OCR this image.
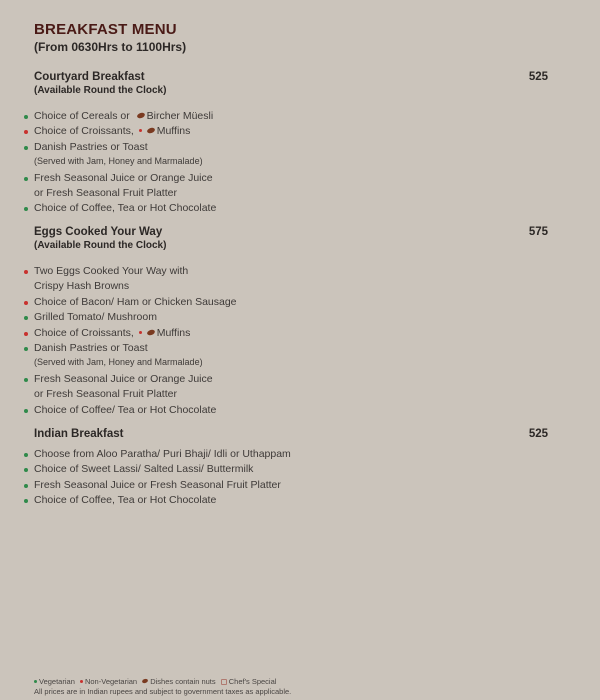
BREAKFAST MENU
(From 0630Hrs to 1100Hrs)
Courtyard Breakfast
(Available Round the Clock)
525
Choice of Cereals or Bircher Müesli
Choice of Croissants, Muffins
Danish Pastries or Toast
(Served with Jam, Honey and Marmalade)
Fresh Seasonal Juice or Orange Juice
or Fresh Seasonal Fruit Platter
Choice of Coffee, Tea or Hot Chocolate
Eggs Cooked Your Way
(Available Round the Clock)
575
Two Eggs Cooked Your Way with
Crispy Hash Browns
Choice of Bacon/ Ham or Chicken Sausage
Grilled Tomato/ Mushroom
Choice of Croissants, Muffins
Danish Pastries or Toast
(Served with Jam, Honey and Marmalade)
Fresh Seasonal Juice or Orange Juice
or Fresh Seasonal Fruit Platter
Choice of Coffee/ Tea or Hot Chocolate
Indian Breakfast	525
Choose from Aloo Paratha/ Puri Bhaji/ Idli or Uthappam
Choice of Sweet Lassi/ Salted Lassi/ Buttermilk
Fresh Seasonal Juice or Fresh Seasonal Fruit Platter
Choice of Coffee, Tea or Hot Chocolate
Vegetarian Non-Vegetarian Dishes contain nuts Chef's Special
All prices are in Indian rupees and subject to government taxes as applicable.
